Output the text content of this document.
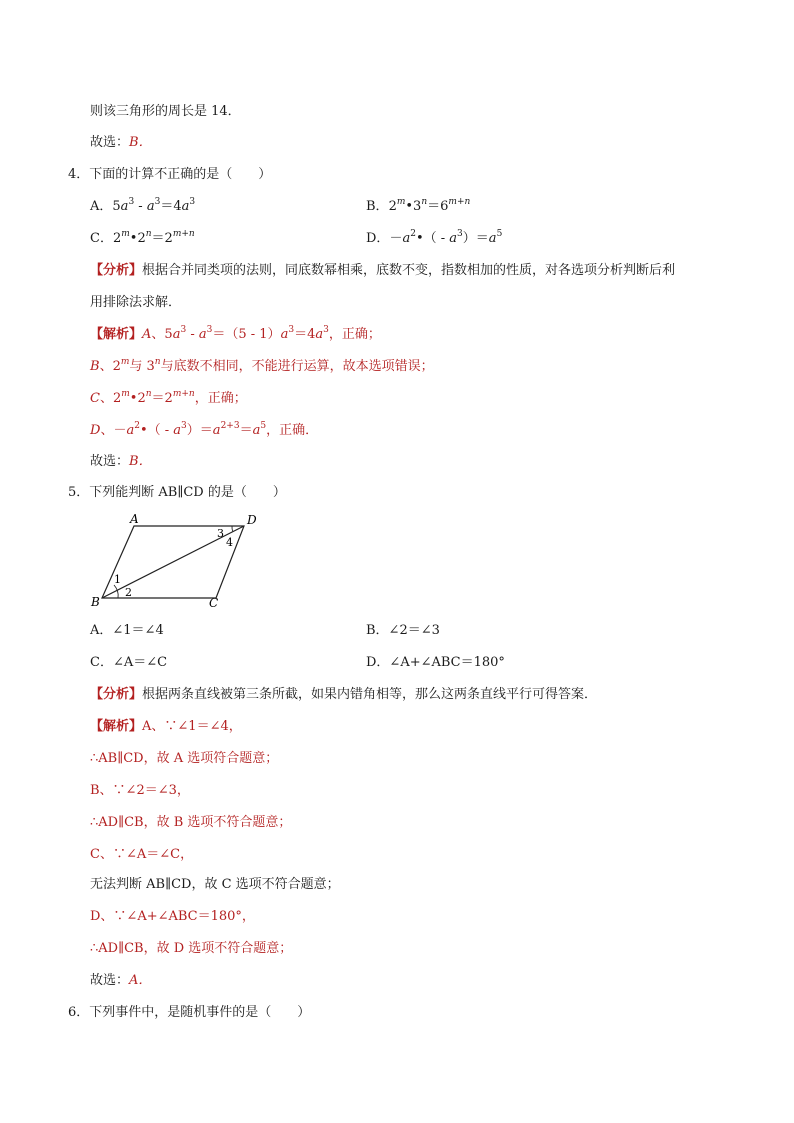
则该三角形的周长是 14．
故选：B．
4．下面的计算不正确的是（　　）
A．$5a^3 - a^3=4a^3$	B．$2^m•3^n=6^{m+n}$
C．$2^m•2^n=2^{m+n}$	D．$-a^2•( - a^3)=a^5$
【分析】根据合并同类项的法则，同底数幂相乘，底数不变，指数相加的性质，对各选项分析判断后利
用排除法求解．
【解析】A、$5a^3 - a^3=(5 - 1)a^3=4a^3$，正确；
B、2$^m$与 3$^n$与底数不相同，不能进行运算，故本选项错误；
C、$2^m•2^n=2^{m+n}$，正确；
D、$-a^2•( - a^3)=a^{2+3}=a^5$，正确．
故选：B．
5．下列能判断 AB∥CD 的是（　　）
A	D
B	C
1
2
3
4
A．∠1＝∠4	B．∠2＝∠3
C．∠A＝∠C	D．∠A+∠ABC＝180°
【分析】根据两条直线被第三条所截，如果内错角相等，那么这两条直线平行可得答案．
【解析】A、∵∠1＝∠4，
∴AB∥CD，故 A 选项符合题意；
B、∵∠2＝∠3，
∴AD∥CB，故 B 选项不符合题意；
C、∵∠A＝∠C，
无法判断 AB∥CD，故 C 选项不符合题意；
D、∵∠A+∠ABC＝180°，
∴AD∥CB，故 D 选项不符合题意；
故选：A．
6．下列事件中，是随机事件的是（　　）
